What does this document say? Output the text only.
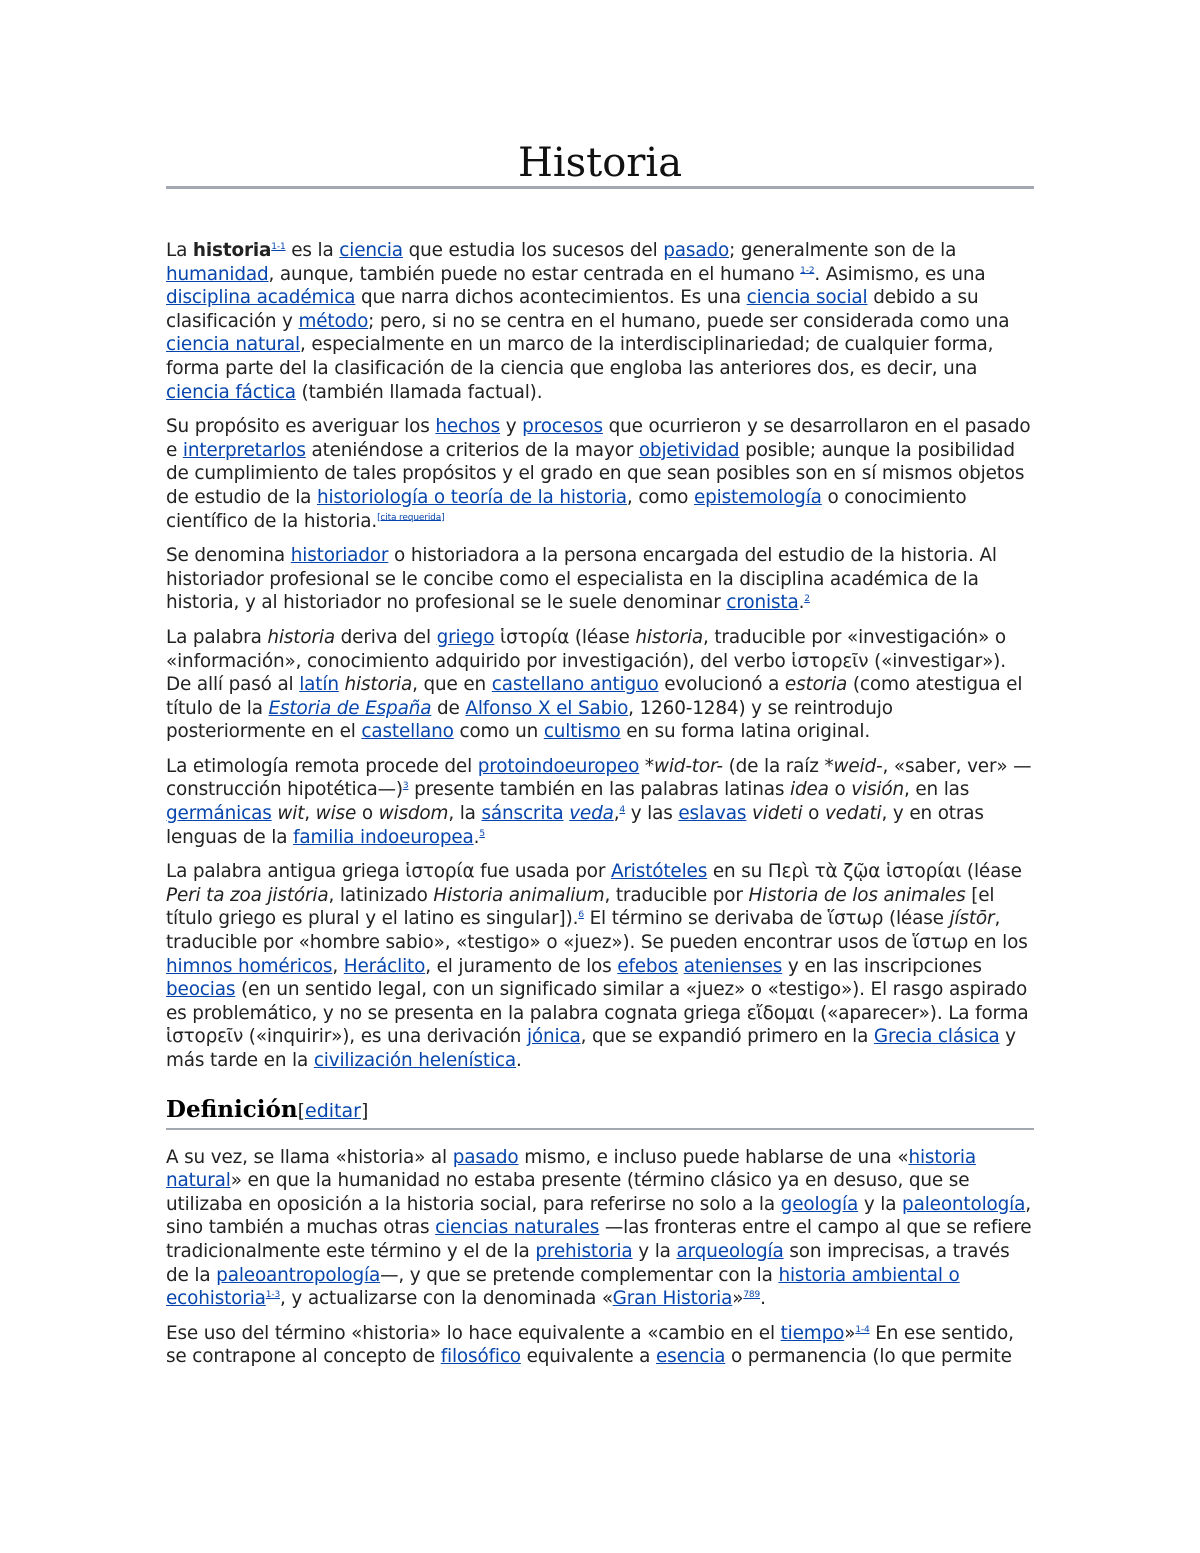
Historia

La historia$^{1-1}$ es la ciencia que estudia los sucesos del pasado; generalmente son de la humanidad, aunque, también puede no estar centrada en el humano $^{1-2}$. Asimismo, es una disciplina académica que narra dichos acontecimientos. Es una ciencia social debido a su clasificación y método; pero, si no se centra en el humano, puede ser considerada como una ciencia natural, especialmente en un marco de la interdisciplinariedad; de cualquier forma, forma parte del la clasificación de la ciencia que engloba las anteriores dos, es decir, una ciencia fáctica (también llamada factual).

Su propósito es averiguar los hechos y procesos que ocurrieron y se desarrollaron en el pasado e interpretarlos ateniéndose a criterios de la mayor objetividad posible; aunque la posibilidad de cumplimiento de tales propósitos y el grado en que sean posibles son en sí mismos objetos de estudio de la historiología o teoría de la historia, como epistemología o conocimiento científico de la historia.[cita requerida]

Se denomina historiador o historiadora a la persona encargada del estudio de la historia. Al historiador profesional se le concibe como el especialista en la disciplina académica de la historia, y al historiador no profesional se le suele denominar cronista.$^2$

La palabra historia deriva del griego ἱστορία (léase historia, traducible por «investigación» o «información», conocimiento adquirido por investigación), del verbo ἱστορεῖν («investigar»). De allí pasó al latín historia, que en castellano antiguo evolucionó a estoria (como atestigua el título de la Estoria de España de Alfonso X el Sabio, 1260-1284) y se reintrodujo posteriormente en el castellano como un cultismo en su forma latina original.

La etimología remota procede del protoindoeuropeo *wid-tor- (de la raíz *weid-, «saber, ver» —construcción hipotética—)$^3$ presente también en las palabras latinas idea o visión, en las germánicas wit, wise o wisdom, la sánscrita veda,$^4$ y las eslavas videti o vedati, y en otras lenguas de la familia indoeuropea.$^5$

La palabra antigua griega ἱστορία fue usada por Aristóteles en su Περὶ τὰ ζῷα ἱστορίαι (léase Peri ta zoa jistória, latinizado Historia animalium, traducible por Historia de los animales [el título griego es plural y el latino es singular]).$^6$ El término se derivaba de ἵστωρ (léase jístōr, traducible por «hombre sabio», «testigo» o «juez»). Se pueden encontrar usos de ἵστωρ en los himnos homéricos, Heráclito, el juramento de los efebos atenienses y en las inscripciones beocias (en un sentido legal, con un significado similar a «juez» o «testigo»). El rasgo aspirado es problemático, y no se presenta en la palabra cognata griega εἴδομαι («aparecer»). La forma ἱστορεῖν («inquirir»), es una derivación jónica, que se expandió primero en la Grecia clásica y más tarde en la civilización helenística.

Definición[editar]

A su vez, se llama «historia» al pasado mismo, e incluso puede hablarse de una «historia natural» en que la humanidad no estaba presente (término clásico ya en desuso, que se utilizaba en oposición a la historia social, para referirse no solo a la geología y la paleontología, sino también a muchas otras ciencias naturales —las fronteras entre el campo al que se refiere tradicionalmente este término y el de la prehistoria y la arqueología son imprecisas, a través de la paleoantropología—, y que se pretende complementar con la historia ambiental o ecohistoria$^{1-3}$, y actualizarse con la denominada «Gran Historia»$^{789}$.

Ese uso del término «historia» lo hace equivalente a «cambio en el tiempo»$^{1-4}$ En ese sentido, se contrapone al concepto de filosófico equivalente a esencia o permanencia (lo que permite
